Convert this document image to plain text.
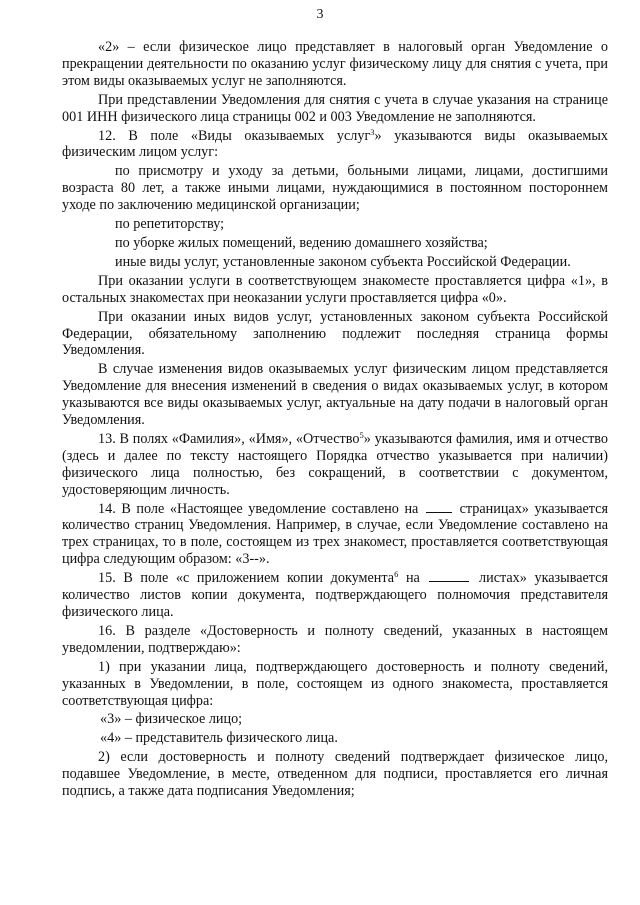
3

«2» – если физическое лицо представляет в налоговый орган Уведомление о прекращении деятельности по оказанию услуг физическому лицу для снятия с учета, при этом виды оказываемых услуг не заполняются.

При представлении Уведомления для снятия с учета в случае указания на странице 001 ИНН физического лица страницы 002 и 003 Уведомление не заполняются.

12. В поле «Виды оказываемых услуг$^3$» указываются виды оказываемых физическим лицом услуг:

по присмотру и уходу за детьми, больными лицами, лицами, достигшими возраста 80 лет, а также иными лицами, нуждающимися в постоянном постороннем уходе по заключению медицинской организации;

по репетиторству;

по уборке жилых помещений, ведению домашнего хозяйства;

иные виды услуг, установленные законом субъекта Российской Федерации.

При оказании услуги в соответствующем знакоместе проставляется цифра «1», в остальных знакоместах при неоказании услуги проставляется цифра «0».

При оказании иных видов услуг, установленных законом субъекта Российской Федерации, обязательному заполнению подлежит последняя страница формы Уведомления.

В случае изменения видов оказываемых услуг физическим лицом представляется Уведомление для внесения изменений в сведения о видах оказываемых услуг, в котором указываются все виды оказываемых услуг, актуальные на дату подачи в налоговый орган Уведомления.

13. В полях «Фамилия», «Имя», «Отчество$^5$» указываются фамилия, имя и отчество (здесь и далее по тексту настоящего Порядка отчество указывается при наличии) физического лица полностью, без сокращений, в соответствии с документом, удостоверяющим личность.

14. В поле «Настоящее уведомление составлено на	страницах» указывается количество страниц Уведомления. Например, в случае, если Уведомление составлено на трех страницах, то в поле, состоящем из трех знакомест, проставляется соответствующая цифра следующим образом: «3--».

15. В поле «с приложением копии документа$^6$ на	листах» указывается количество листов копии документа, подтверждающего полномочия представителя физического лица.

16. В разделе «Достоверность и полноту сведений, указанных в настоящем уведомлении, подтверждаю»:

1) при указании лица, подтверждающего достоверность и полноту сведений, указанных в Уведомлении, в поле, состоящем из одного знакоместа, проставляется соответствующая цифра:

«3» – физическое лицо;

«4» – представитель физического лица.

2) если достоверность и полноту сведений подтверждает физическое лицо, подавшее Уведомление, в месте, отведенном для подписи, проставляется его личная подпись, а также дата подписания Уведомления;
